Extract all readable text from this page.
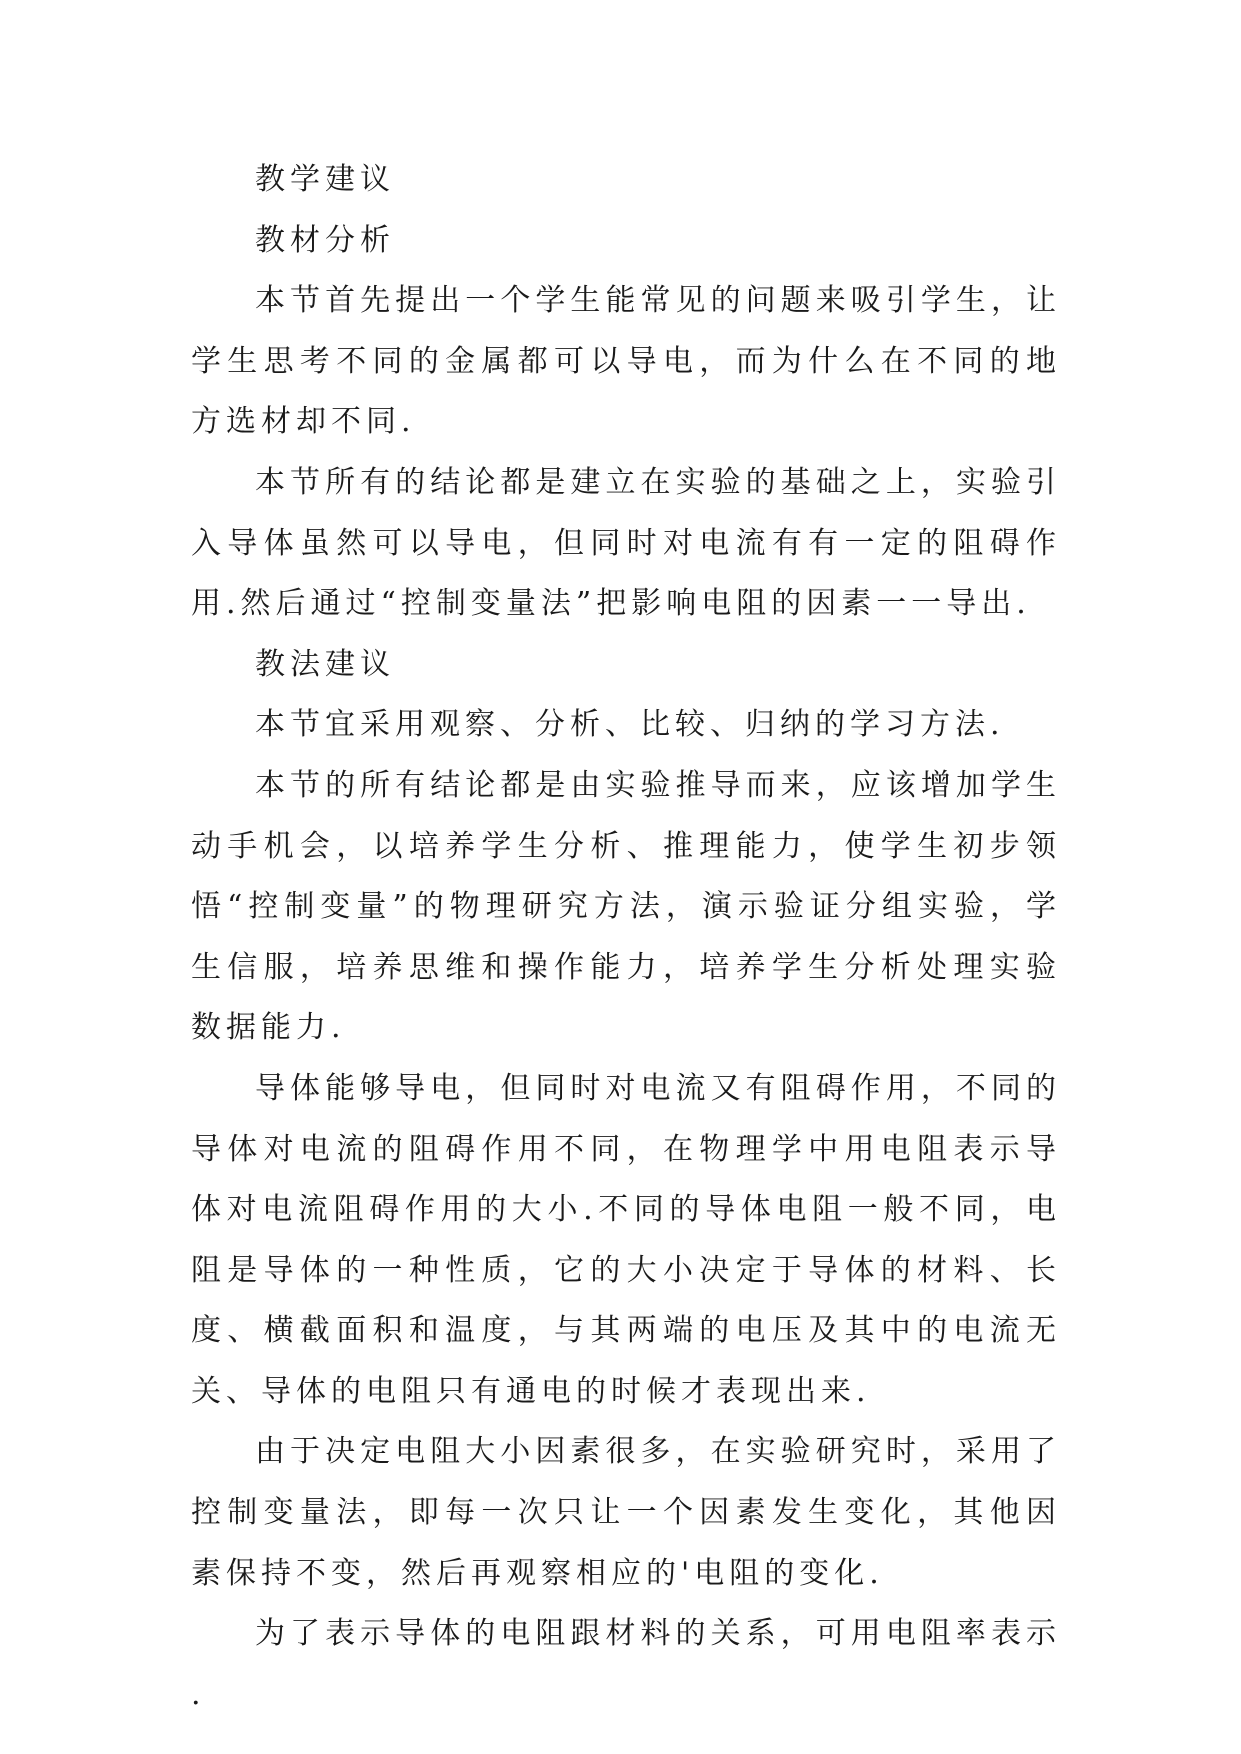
教学建议

教材分析

本节首先提出一个学生能常见的问题来吸引学生，让学生思考不同的金属都可以导电，而为什么在不同的地方选材却不同.

本节所有的结论都是建立在实验的基础之上，实验引入导体虽然可以导电，但同时对电流有有一定的阻碍作用.然后通过“控制变量法”把影响电阻的因素一一导出.

教法建议

本节宜采用观察、分析、比较、归纳的学习方法.

本节的所有结论都是由实验推导而来，应该增加学生动手机会，以培养学生分析、推理能力，使学生初步领悟“控制变量”的物理研究方法，演示验证分组实验，学生信服，培养思维和操作能力，培养学生分析处理实验数据能力.

导体能够导电，但同时对电流又有阻碍作用，不同的导体对电流的阻碍作用不同，在物理学中用电阻表示导体对电流阻碍作用的大小.不同的导体电阻一般不同，电阻是导体的一种性质，它的大小决定于导体的材料、长度、横截面积和温度，与其两端的电压及其中的电流无关、导体的电阻只有通电的时候才表现出来.

由于决定电阻大小因素很多，在实验研究时，采用了控制变量法，即每一次只让一个因素发生变化，其他因素保持不变，然后再观察相应的'电阻的变化.

为了表示导体的电阻跟材料的关系，可用电阻率表示.
